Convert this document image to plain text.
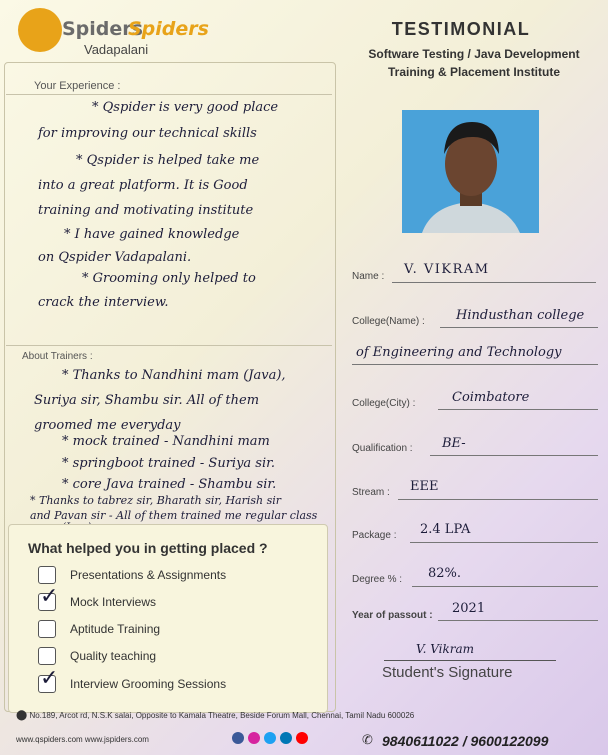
Spiders
Spiders
Vadapalani
TESTIMONIAL
Software Testing / Java Development
Training & Placement Institute
Your Experience :
* Qspider is very good place
for improving our technical skills
* Qspider is helped take me
into a great platform. It is Good
training and motivating institute
* I have gained knowledge
on Qspider Vadapalani.
* Grooming only helped to
crack the interview.
About Trainers :
* Thanks to Nandhini mam (Java),
Suriya sir, Shambu sir. All of them
groomed me everyday
* mock trained - Nandhini mam
* springboot trained - Suriya sir.
* core Java trained - Shambu sir.
* Thanks to tabrez sir, Bharath sir, Harish sir
and Pavan sir - All of them trained me regular class
Name : V. VIKRAM
College(Name) : Hindusthan college
of Engineering and Technology
College(City) :	Coimbatore
Qualification : BE-
Stream : EEE
Package : 2.4 LPA
Degree % : 82%.
Year of passout : 2021
V. Vikram
Student's Signature
What helped you in getting placed ?
Presentations & Assignments
✓ Mock Interviews
Aptitude Training
Quality teaching
✓ Interview Grooming Sessions
⬤ No.189, Arcot rd, N.S.K salai, Opposite to Kamala Theatre, Beside Forum Mall, Chennai, Tamil Nadu 600026
www.qspiders.com www.jspiders.com	✆ 9840611022 / 9600122099
